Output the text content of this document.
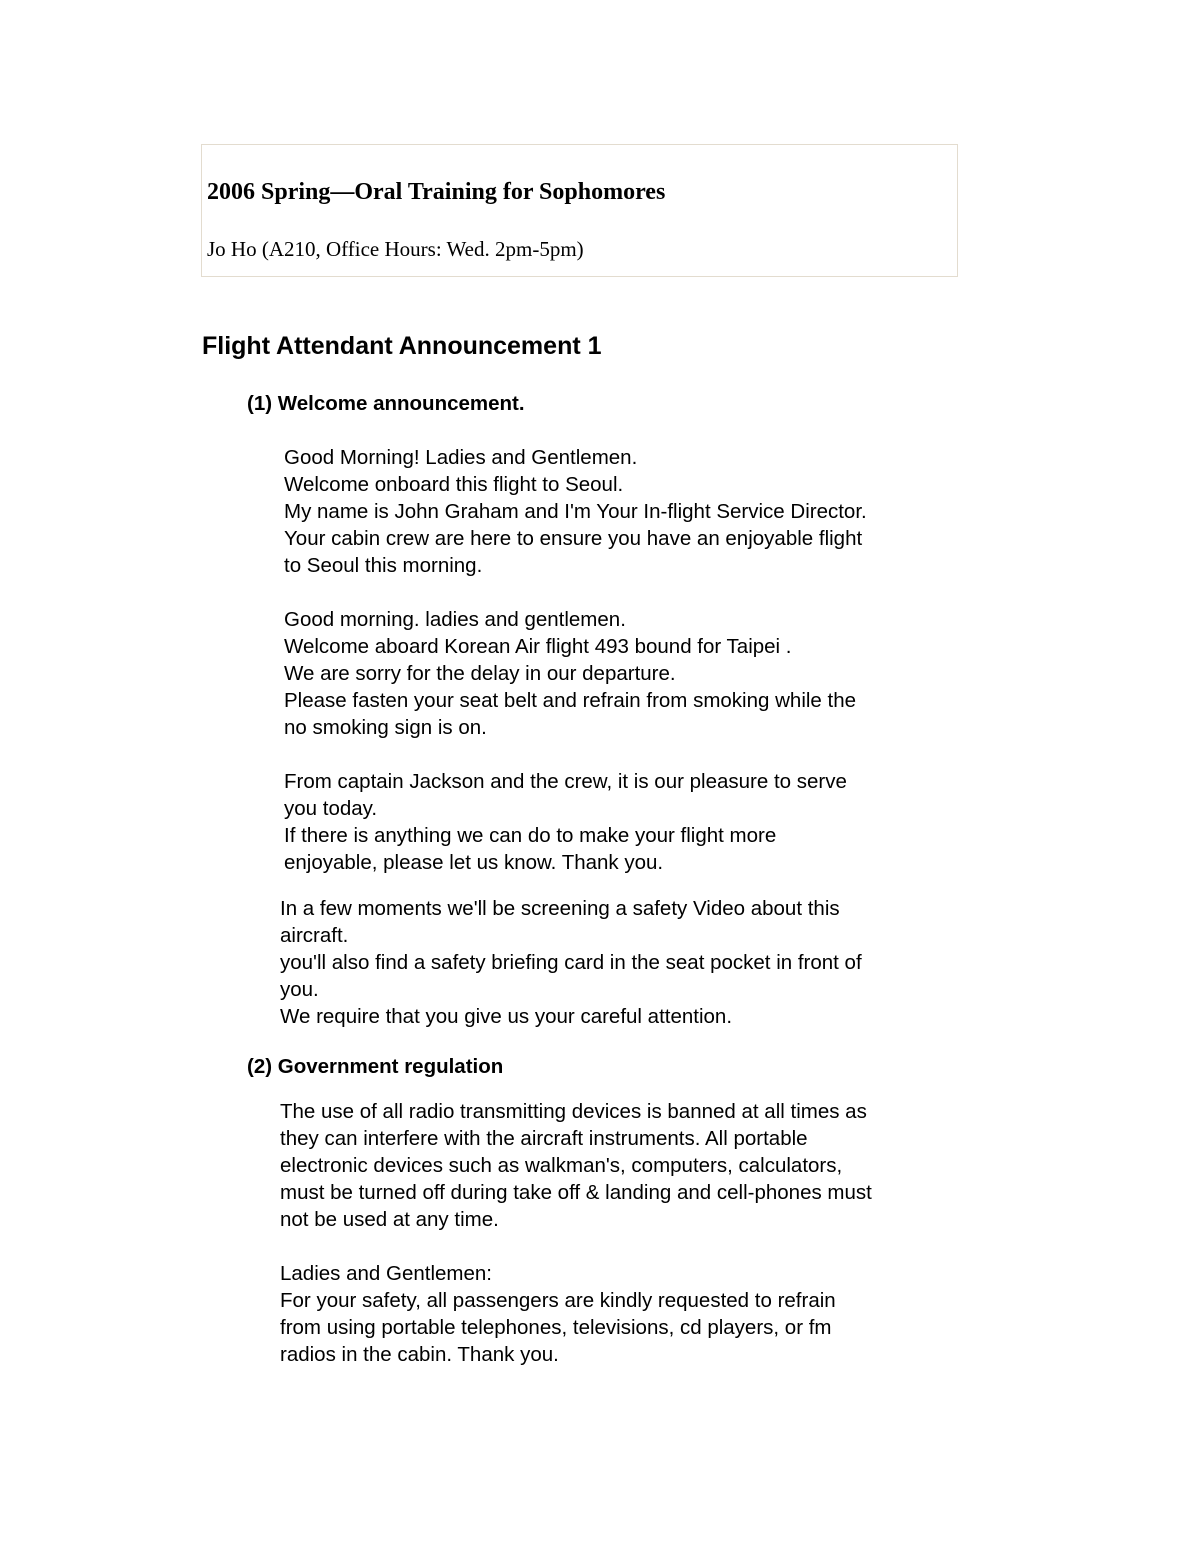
2006 Spring—Oral Training for Sophomores
Jo Ho (A210, Office Hours: Wed. 2pm-5pm)
Flight Attendant Announcement 1
(1) Welcome announcement.
Good Morning! Ladies and Gentlemen.
Welcome onboard this flight to Seoul.
My name is John Graham and I'm Your In-flight Service Director.
Your cabin crew are here to ensure you have an enjoyable flight
to Seoul this morning.
Good morning. ladies and gentlemen.
Welcome aboard Korean Air flight 493 bound for Taipei .
We are sorry for the delay in our departure.
Please fasten your seat belt and refrain from smoking while the
no smoking sign is on.
From captain Jackson and the crew, it is our pleasure to serve
you today.
If there is anything we can do to make your flight more
enjoyable, please let us know. Thank you.
In a few moments we'll be screening a safety Video about this
aircraft.
you'll also find a safety briefing card in the seat pocket in front of
you.
We require that you give us your careful attention.
(2) Government regulation
The use of all radio transmitting devices is banned at all times as
they can interfere with the aircraft instruments. All portable
electronic devices such as walkman's, computers, calculators,
must be turned off during take off & landing and cell-phones must
not be used at any time.
Ladies and Gentlemen:
For your safety, all passengers are kindly requested to refrain
from using portable telephones, televisions, cd players, or fm
radios in the cabin. Thank you.
